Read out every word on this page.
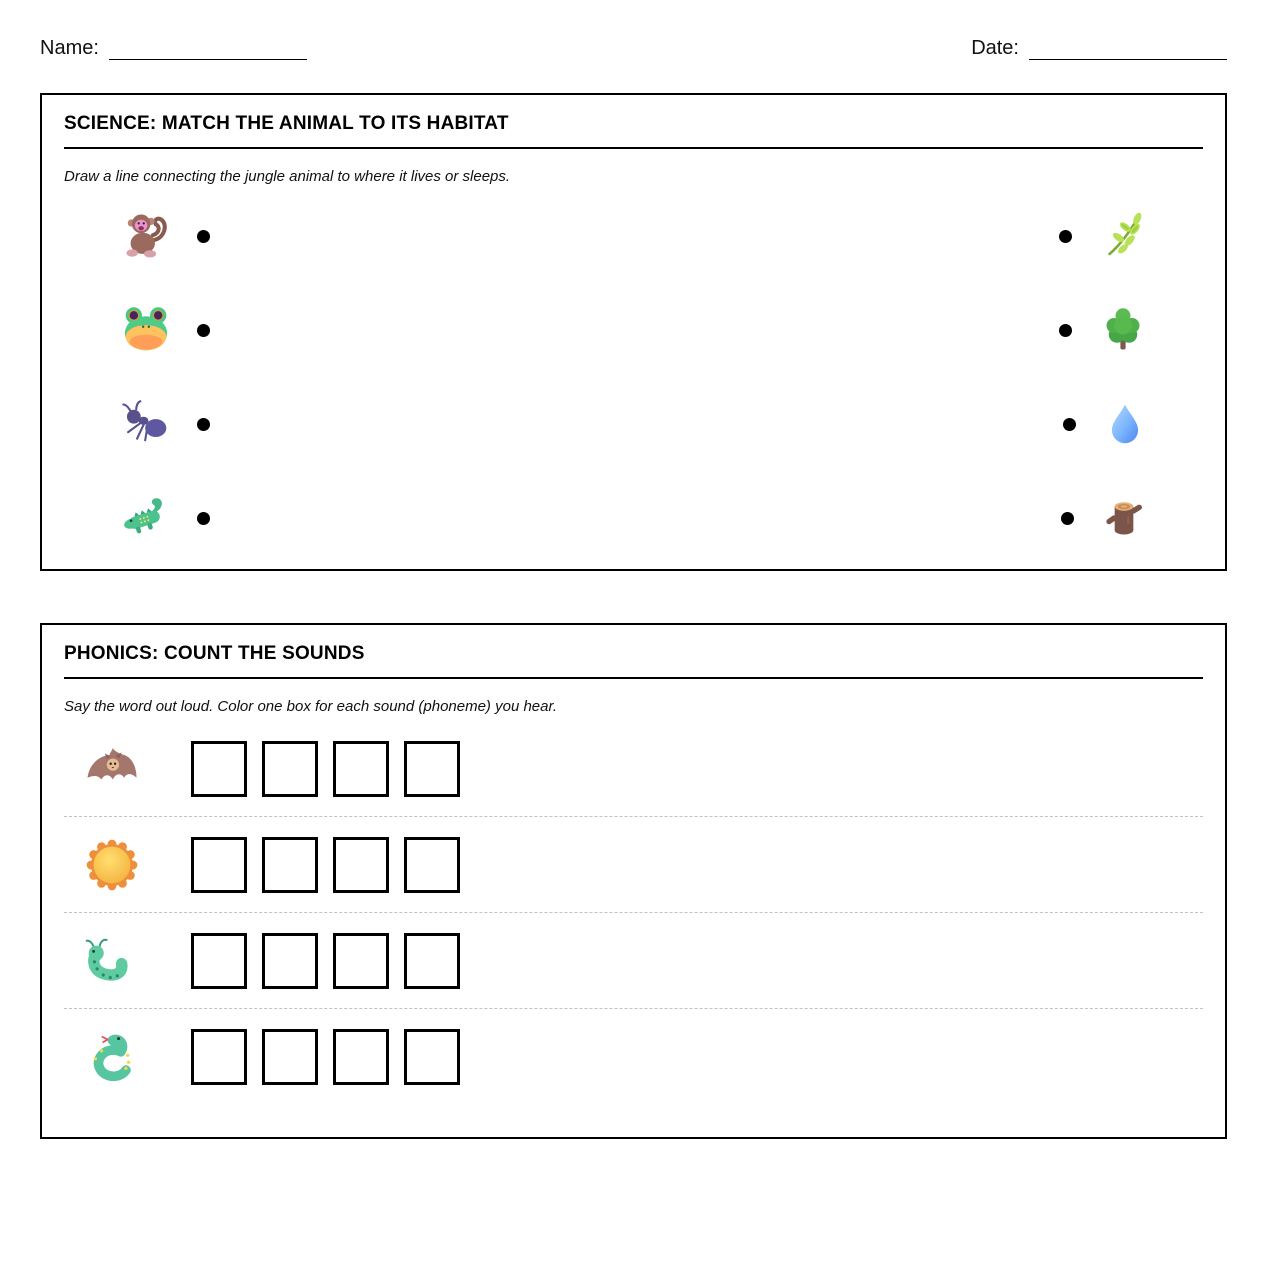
Name:	Date:
SCIENCE: MATCH THE ANIMAL TO ITS HABITAT
Draw a line connecting the jungle animal to where it lives or sleeps.
PHONICS: COUNT THE SOUNDS
Say the word out loud. Color one box for each sound (phoneme) you hear.
